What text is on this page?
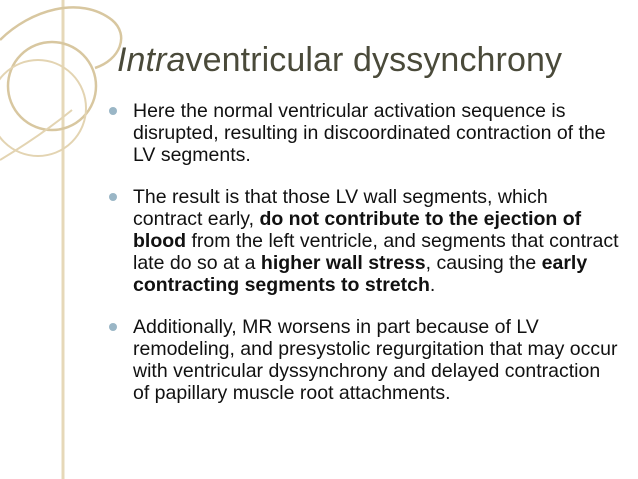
Intraventricular dyssynchrony
Here the normal ventricular activation sequence is disrupted, resulting in discoordinated contraction of the LV segments.
The result is that those LV wall segments, which contract early, do not contribute to the ejection of blood from the left ventricle, and segments that contract late do so at a higher wall stress, causing the early contracting segments to stretch.
Additionally, MR worsens in part because of LV remodeling, and presystolic regurgitation that may occur with ventricular dyssynchrony and delayed contraction of papillary muscle root attachments.
